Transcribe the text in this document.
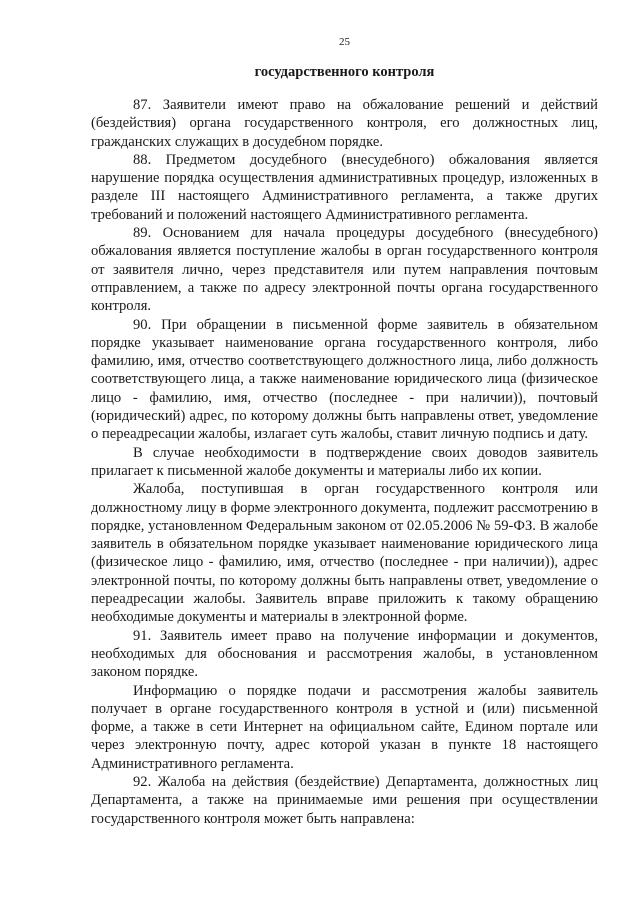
25
государственного контроля

87. Заявители имеют право на обжалование решений и действий (бездействия) органа государственного контроля, его должностных лиц, гражданских служащих в досудебном порядке.

88. Предметом досудебного (внесудебного) обжалования является нарушение порядка осуществления административных процедур, изложенных в разделе III настоящего Административного регламента, а также других требований и положений настоящего Административного регламента.

89. Основанием для начала процедуры досудебного (внесудебного) обжалования является поступление жалобы в орган государственного контроля от заявителя лично, через представителя или путем направления почтовым отправлением, а также по адресу электронной почты органа государственного контроля.

90. При обращении в письменной форме заявитель в обязательном порядке указывает наименование органа государственного контроля, либо фамилию, имя, отчество соответствующего должностного лица, либо должность соответствующего лица, а также наименование юридического лица (физическое лицо - фамилию, имя, отчество (последнее - при наличии)), почтовый (юридический) адрес, по которому должны быть направлены ответ, уведомление о переадресации жалобы, излагает суть жалобы, ставит личную подпись и дату.

В случае необходимости в подтверждение своих доводов заявитель прилагает к письменной жалобе документы и материалы либо их копии.

Жалоба, поступившая в орган государственного контроля или должностному лицу в форме электронного документа, подлежит рассмотрению в порядке, установленном Федеральным законом от 02.05.2006 № 59-ФЗ. В жалобе заявитель в обязательном порядке указывает наименование юридического лица (физическое лицо - фамилию, имя, отчество (последнее - при наличии)), адрес электронной почты, по которому должны быть направлены ответ, уведомление о переадресации жалобы. Заявитель вправе приложить к такому обращению необходимые документы и материалы в электронной форме.

91. Заявитель имеет право на получение информации и документов, необходимых для обоснования и рассмотрения жалобы, в установленном законом порядке.

Информацию о порядке подачи и рассмотрения жалобы заявитель получает в органе государственного контроля в устной и (или) письменной форме, а также в сети Интернет на официальном сайте, Едином портале или через электронную почту, адрес которой указан в пункте 18 настоящего Административного регламента.

92. Жалоба на действия (бездействие) Департамента, должностных лиц Департамента, а также на принимаемые ими решения при осуществлении государственного контроля может быть направлена:
